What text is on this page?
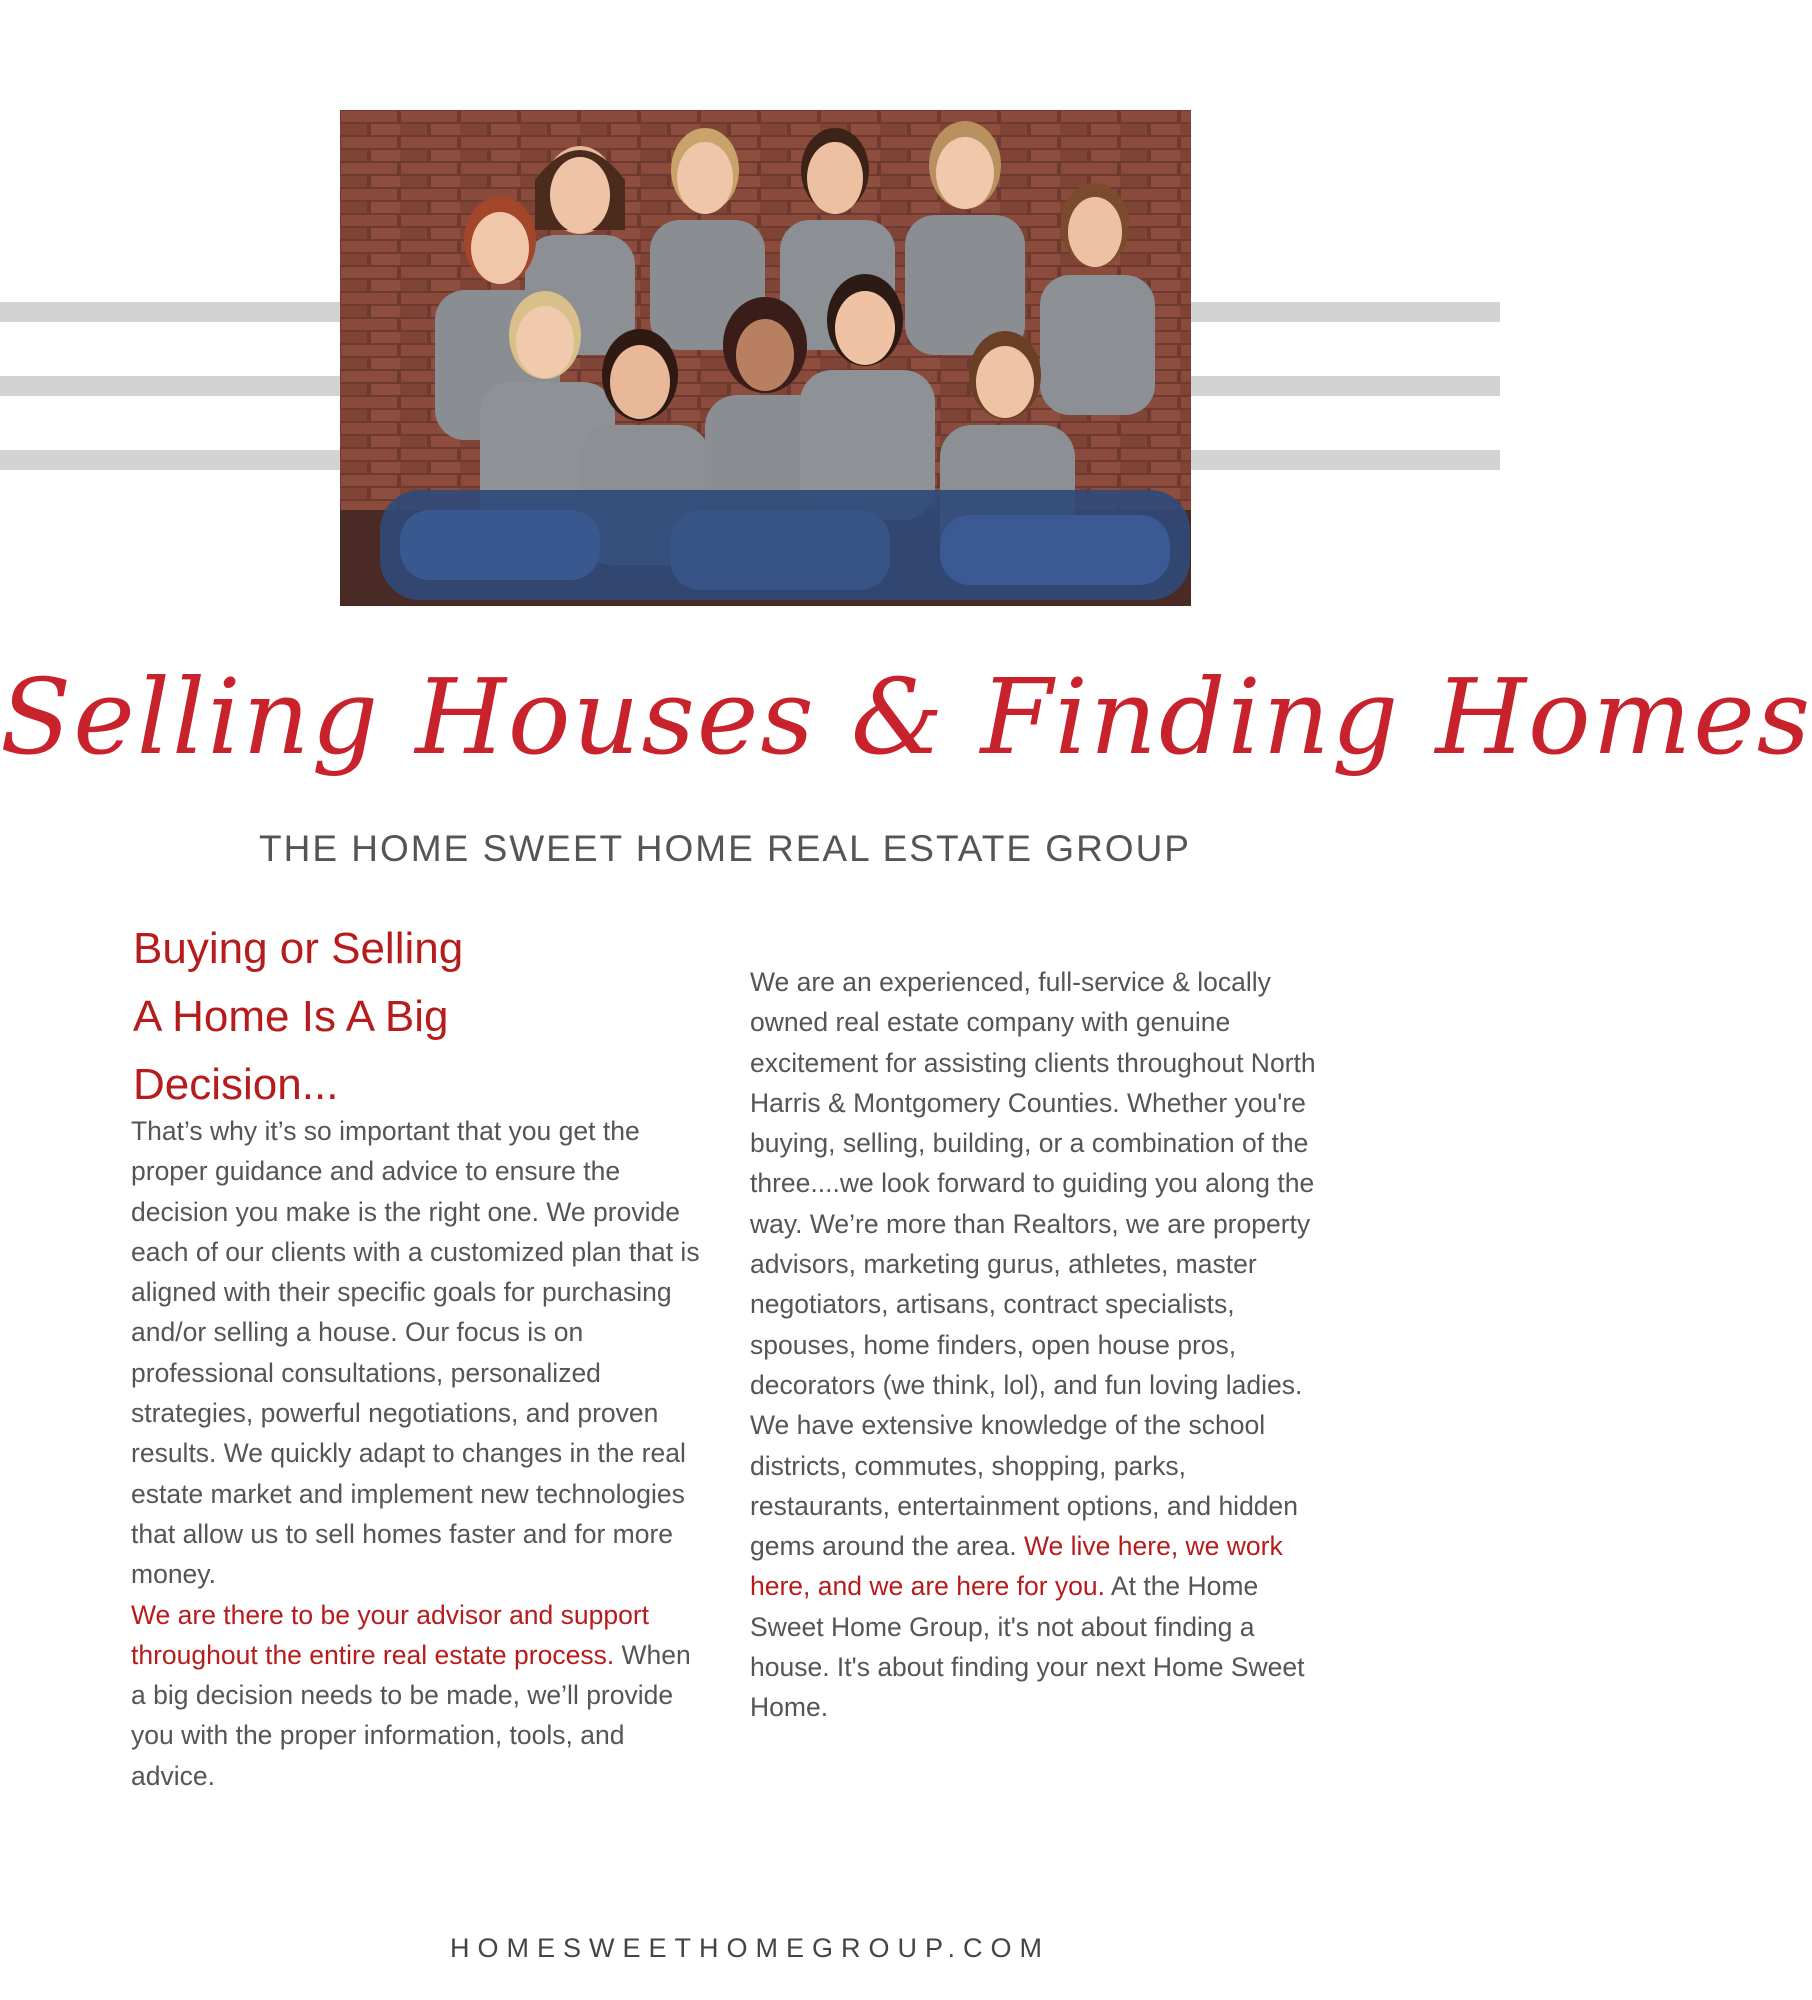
Selling Houses & Finding Homes
THE HOME SWEET HOME REAL ESTATE GROUP
Buying or Selling
A Home Is A Big
Decision...
That’s why it’s so important that you get the proper guidance and advice to ensure the decision you make is the right one. We provide each of our clients with a customized plan that is aligned with their specific goals for purchasing and/or selling a house. Our focus is on professional consultations, personalized strategies, powerful negotiations, and proven results. We quickly adapt to changes in the real estate market and implement new technologies that allow us to sell homes faster and for more money.
We are there to be your advisor and support throughout the entire real estate process. When a big decision needs to be made, we’ll provide you with the proper information, tools, and advice.
We are an experienced, full-service & locally owned real estate company with genuine excitement for assisting clients throughout North Harris & Montgomery Counties. Whether you're buying, selling, building, or a combination of the three....we look forward to guiding you along the way. We’re more than Realtors, we are property advisors, marketing gurus, athletes, master negotiators, artisans, contract specialists, spouses, home finders, open house pros, decorators (we think, lol), and fun loving ladies. We have extensive knowledge of the school districts, commutes, shopping, parks, restaurants, entertainment options, and hidden gems around the area. We live here, we work here, and we are here for you. At the Home Sweet Home Group, it's not about finding a house. It's about finding your next Home Sweet Home.
HOMESWEETHOMEGROUP.COM
